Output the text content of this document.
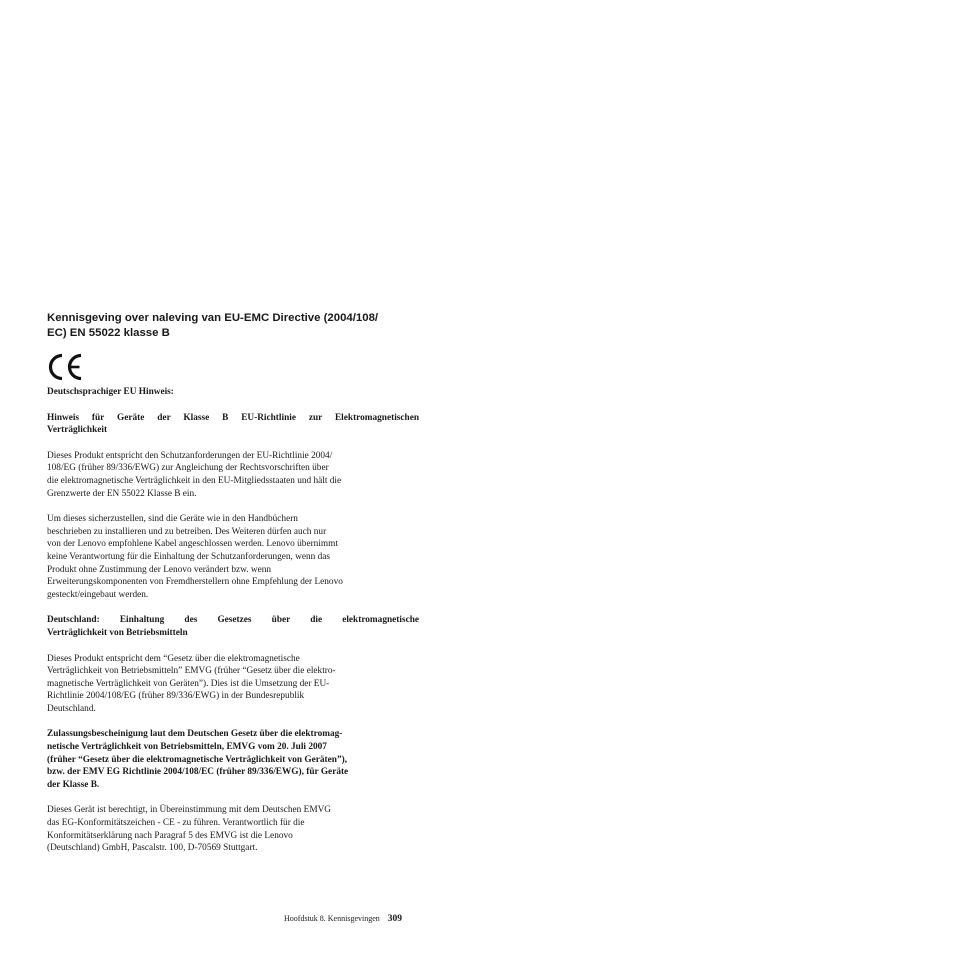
Kennisgeving over naleving van EU-EMC Directive (2004/108/
EC) EN 55022 klasse B

Deutschsprachiger EU Hinweis:

Hinweis für Geräte der Klasse B EU-Richtlinie zur Elektromagnetischen
Verträglichkeit

Dieses Produkt entspricht den Schutzanforderungen der EU-Richtlinie 2004/
108/EG (früher 89/336/EWG) zur Angleichung der Rechtsvorschriften über
die elektromagnetische Verträglichkeit in den EU-Mitgliedsstaaten und hält die
Grenzwerte der EN 55022 Klasse B ein.

Um dieses sicherzustellen, sind die Geräte wie in den Handbüchern
beschrieben zu installieren und zu betreiben. Des Weiteren dürfen auch nur
von der Lenovo empfohlene Kabel angeschlossen werden. Lenovo übernimmt
keine Verantwortung für die Einhaltung der Schutzanforderungen, wenn das
Produkt ohne Zustimmung der Lenovo verändert bzw. wenn
Erweiterungskomponenten von Fremdherstellern ohne Empfehlung der Lenovo
gesteckt/eingebaut werden.

Deutschland: Einhaltung des Gesetzes über die elektromagnetische
Verträglichkeit von Betriebsmitteln

Dieses Produkt entspricht dem “Gesetz über die elektromagnetische
Verträglichkeit von Betriebsmitteln” EMVG (früher “Gesetz über die elektro-
magnetische Verträglichkeit von Geräten”). Dies ist die Umsetzung der EU-
Richtlinie 2004/108/EG (früher 89/336/EWG) in der Bundesrepublik
Deutschland.

Zulassungsbescheinigung laut dem Deutschen Gesetz über die elektromag-
netische Verträglichkeit von Betriebsmitteln, EMVG vom 20. Juli 2007
(früher “Gesetz über die elektromagnetische Verträglichkeit von Geräten”),
bzw. der EMV EG Richtlinie 2004/108/EC (früher 89/336/EWG), für Geräte
der Klasse B.

Dieses Gerät ist berechtigt, in Übereinstimmung mit dem Deutschen EMVG
das EG-Konformitätszeichen - CE - zu führen. Verantwortlich für die
Konformitätserklärung nach Paragraf 5 des EMVG ist die Lenovo
(Deutschland) GmbH, Pascalstr. 100, D-70569 Stuttgart.

Hoofdstuk 8. Kennisgevingen 309
